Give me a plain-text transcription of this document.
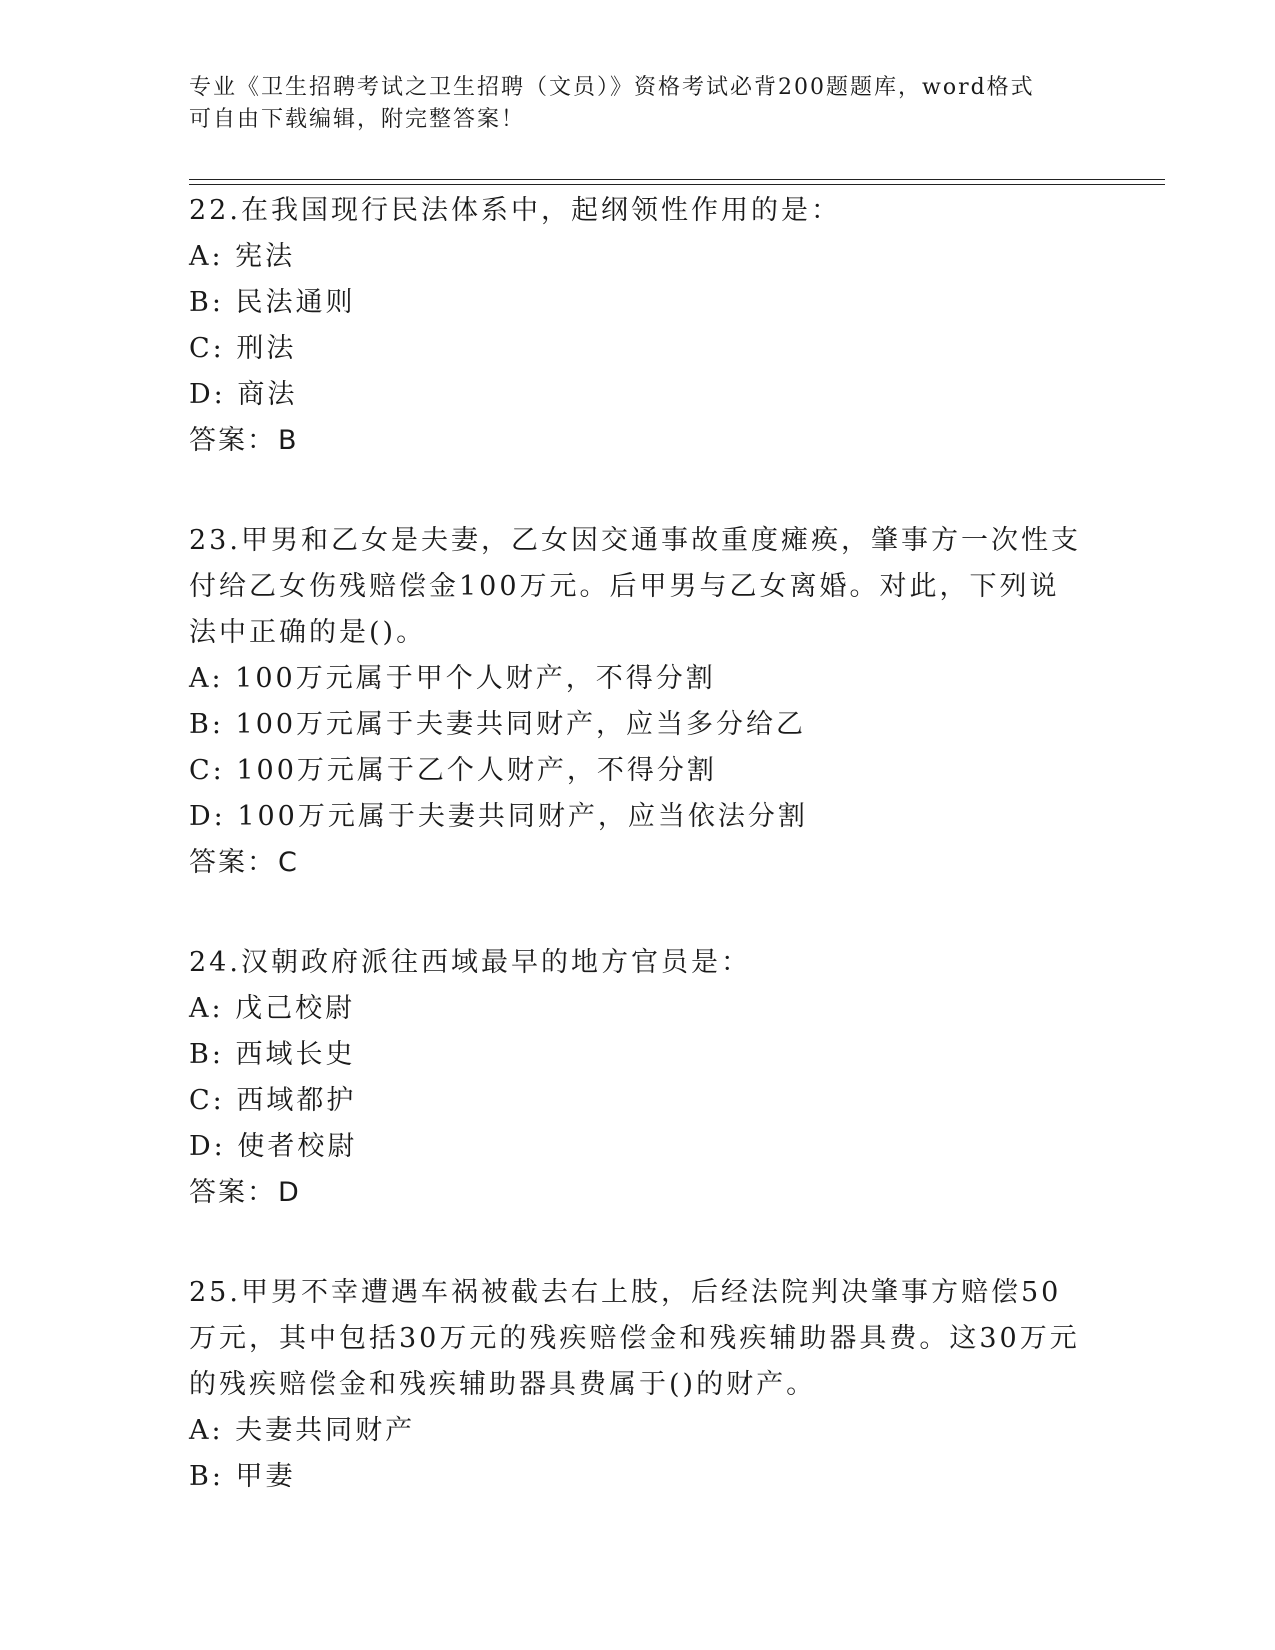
专业《卫生招聘考试之卫生招聘（文员）》资格考试必背200题题库，word格式
可自由下载编辑，附完整答案！

22.在我国现行民法体系中，起纲领性作用的是：

A: 宪法

B: 民法通则

C: 刑法

D: 商法

答案：B

23.甲男和乙女是夫妻，乙女因交通事故重度瘫痪，肇事方一次性支付给乙女伤残赔偿金100万元。后甲男与乙女离婚。对此，下列说法中正确的是()。

A: 100万元属于甲个人财产，不得分割

B: 100万元属于夫妻共同财产，应当多分给乙

C: 100万元属于乙个人财产，不得分割

D: 100万元属于夫妻共同财产，应当依法分割

答案：C

24.汉朝政府派往西域最早的地方官员是：

A: 戊己校尉

B: 西域长史

C: 西域都护

D: 使者校尉

答案：D

25.甲男不幸遭遇车祸被截去右上肢，后经法院判决肇事方赔偿50万元，其中包括30万元的残疾赔偿金和残疾辅助器具费。这30万元的残疾赔偿金和残疾辅助器具费属于()的财产。

A: 夫妻共同财产

B: 甲妻
